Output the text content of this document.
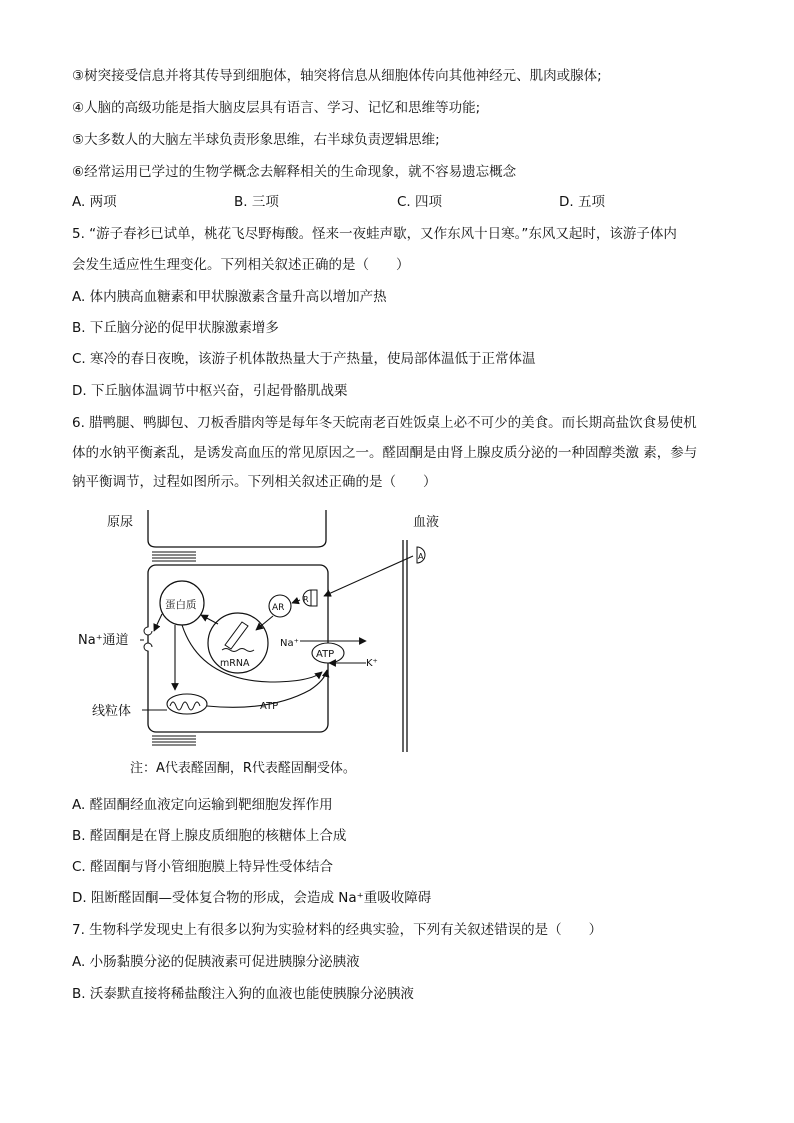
③树突接受信息并将其传导到细胞体，轴突将信息从细胞体传向其他神经元、肌肉或腺体;
④人脑的高级功能是指大脑皮层具有语言、学习、记忆和思维等功能;
⑤大多数人的大脑左半球负责形象思维，右半球负责逻辑思维;
⑥经常运用已学过的生物学概念去解释相关的生命现象，就不容易遗忘概念
A. 两项	B. 三项	C. 四项	D. 五项
5. “游子春衫已试单，桃花飞尽野梅酸。怪来一夜蛙声歇，又作东风十日寒。”东风又起时，该游子体内
会发生适应性生理变化。下列相关叙述正确的是（　　）
A. 体内胰高血糖素和甲状腺激素含量升高以增加产热
B. 下丘脑分泌的促甲状腺激素增多
C. 寒冷的春日夜晚，该游子机体散热量大于产热量，使局部体温低于正常体温
D. 下丘脑体温调节中枢兴奋，引起骨骼肌战栗
6. 腊鸭腿、鸭脚包、刀板香腊肉等是每年冬天皖南老百姓饭桌上必不可少的美食。而长期高盐饮食易使机
体的水钠平衡紊乱，是诱发高血压的常见原因之一。醛固酮是由肾上腺皮质分泌的一种固醇类激 素，参与
钠平衡调节，过程如图所示。下列相关叙述正确的是（　　）
原尿	血液
A
R
AR
蛋白质
mRNA
Na⁺通道
线粒体	ATP
ATP
Na⁺
K⁺
注：A代表醛固酮，R代表醛固酮受体。
A. 醛固酮经血液定向运输到靶细胞发挥作用
B. 醛固酮是在肾上腺皮质细胞的核糖体上合成
C. 醛固酮与肾小管细胞膜上特异性受体结合
D. 阻断醛固酮—受体复合物的形成，会造成 Na⁺重吸收障碍
7. 生物科学发现史上有很多以狗为实验材料的经典实验，下列有关叙述错误的是（　　）
A. 小肠黏膜分泌的促胰液素可促进胰腺分泌胰液
B. 沃泰默直接将稀盐酸注入狗的血液也能使胰腺分泌胰液
